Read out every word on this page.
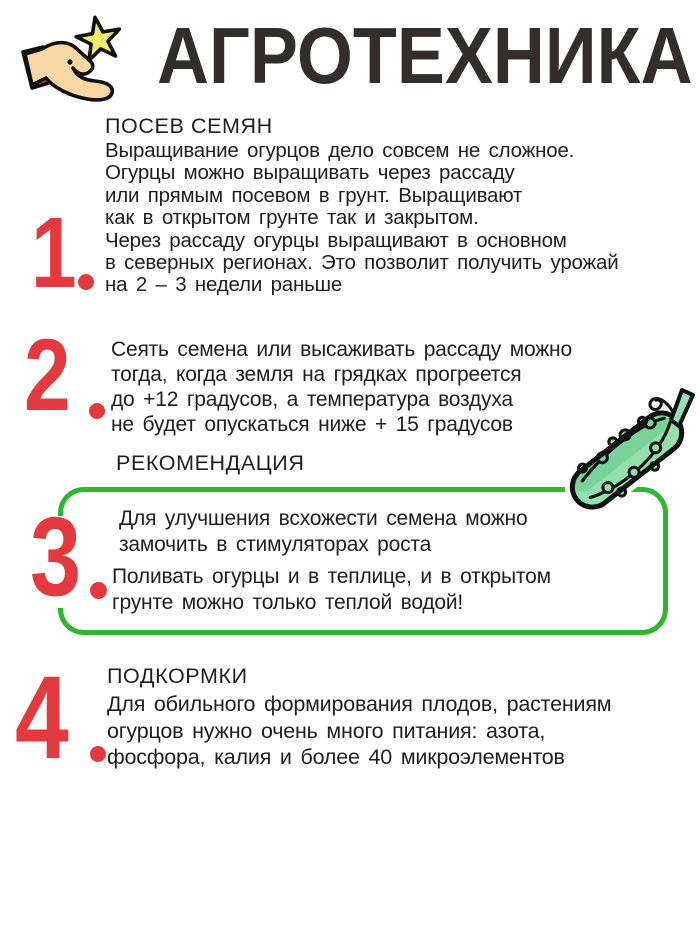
АГРОТЕХНИКА
ПОСЕВ СЕМЯН
Выращивание огурцов дело совсем не сложное.
Огурцы можно выращивать через рассаду
или прямым посевом в грунт. Выращивают
как в открытом грунте так и закрытом.
Через рассаду огурцы выращивают в основном
в северных регионах. Это позволит получить урожай
на 2 – 3 недели раньше
1
Сеять семена или высаживать рассаду можно
тогда, когда земля на грядках прогреется
до +12 градусов, а температура воздуха
не будет опускаться ниже + 15 градусов
2
РЕКОМЕНДАЦИЯ
Для улучшения всхожести семена можно
замочить в стимуляторах роста
Поливать огурцы и в теплице, и в открытом
грунте можно только теплой водой!
3
ПОДКОРМКИ
Для обильного формирования плодов, растениям
огурцов нужно очень много питания: азота,
фосфора, калия и более 40 микроэлементов
4
